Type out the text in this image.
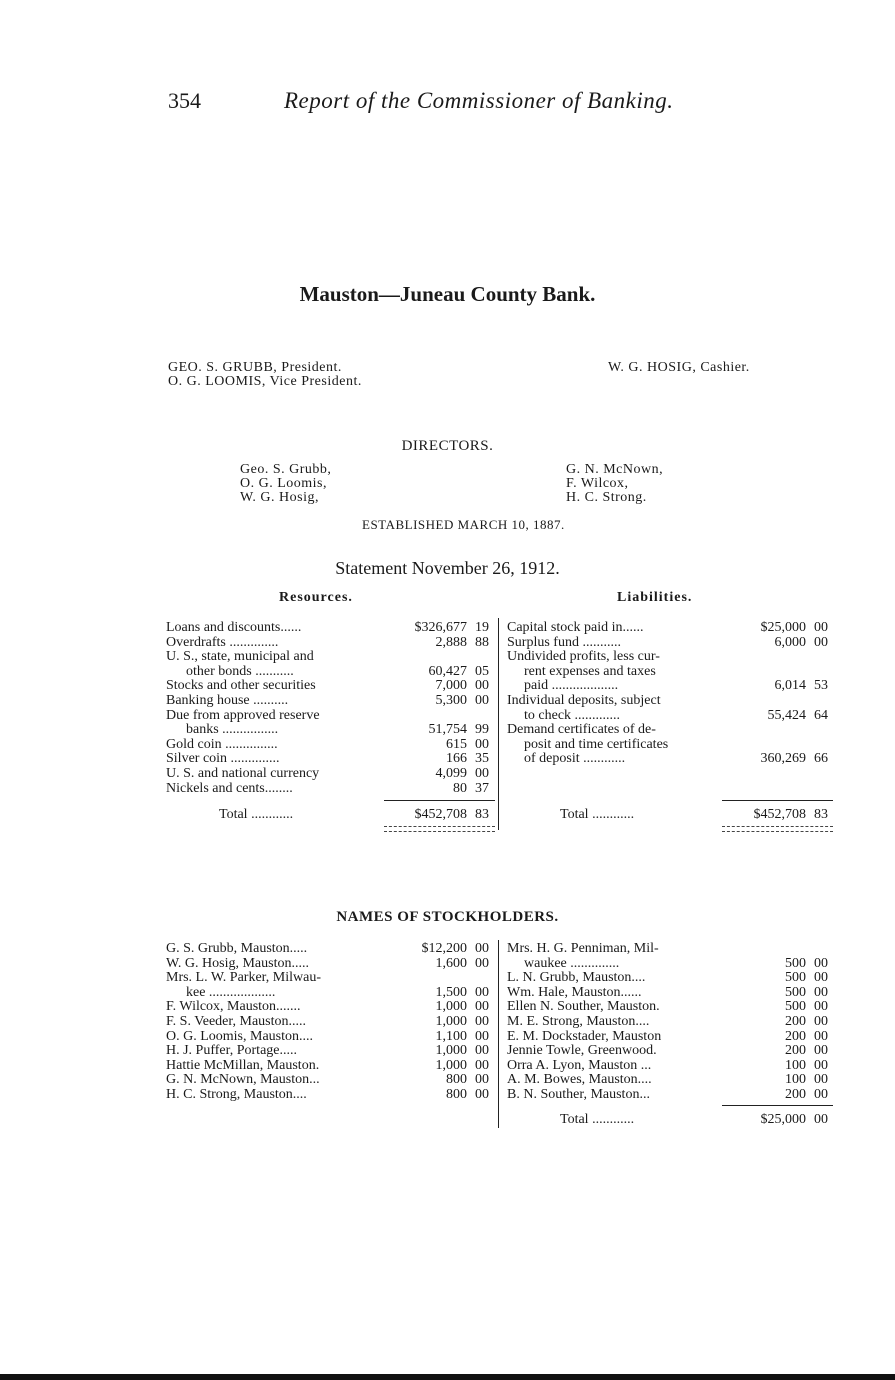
354	Report of the Commissioner of Banking.
Mauston—Juneau County Bank.
GEO. S. GRUBB, President.
O. G. LOOMIS, Vice President.
W. G. HOSIG, Cashier.
DIRECTORS.
Geo. S. Grubb,
O. G. Loomis,
W. G. Hosig,
G. N. McNown,
F. Wilcox,
H. C. Strong.
ESTABLISHED MARCH 10, 1887.
Statement November 26, 1912.
Resources.	Liabilities.
Loans and discounts......	$326,677 19
Overdrafts ..............	2,888 88
U. S., state, municipal and
other bonds ...........	60,427 05
Stocks and other securities	7,000 00
Banking house ..........	5,300 00
Due from approved reserve
banks ................	51,754 99
Gold coin ...............	615 00
Silver coin ..............	166 35
U. S. and national currency	4,099 00
Nickels and cents........	80 37
Capital stock paid in......	$25,000 00
Surplus fund ...........	6,000 00
Undivided profits, less cur-
rent expenses and taxes
paid ...................	6,014 53
Individual deposits, subject
to check .............	55,424 64
Demand certificates of de-
posit and time certificates
of deposit ............	360,269 66
Total ............	$452,708 83	Total ............	$452,708 83
NAMES OF STOCKHOLDERS.
G. S. Grubb, Mauston.....	$12,200 00
W. G. Hosig, Mauston.....	1,600 00
Mrs. L. W. Parker, Milwau-
kee ...................	1,500 00
F. Wilcox, Mauston.......	1,000 00
F. S. Veeder, Mauston.....	1,000 00
O. G. Loomis, Mauston....	1,100 00
H. J. Puffer, Portage.....	1,000 00
Hattie McMillan, Mauston.	1,000 00
G. N. McNown, Mauston...	800 00
H. C. Strong, Mauston....	800 00
Mrs. H. G. Penniman, Mil-
waukee ..............	500 00
L. N. Grubb, Mauston....	500 00
Wm. Hale, Mauston......	500 00
Ellen N. Souther, Mauston.	500 00
M. E. Strong, Mauston....	200 00
E. M. Dockstader, Mauston	200 00
Jennie Towle, Greenwood.	200 00
Orra A. Lyon, Mauston ...	100 00
A. M. Bowes, Mauston....	100 00
B. N. Souther, Mauston...	200 00
Total ............	$25,000 00
